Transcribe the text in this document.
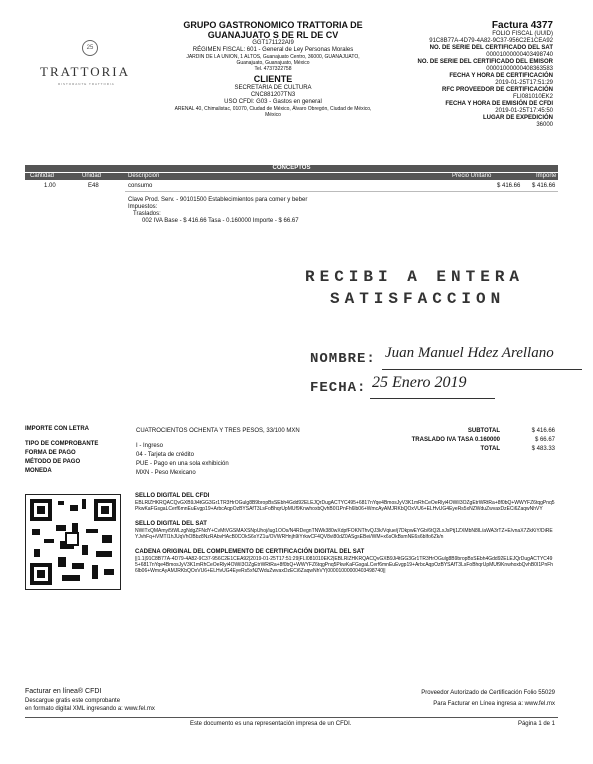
25
TRATTORIA
RISTORANTE TRATTORIA
GRUPO GASTRONOMICO TRATTORIA DE
GUANAJUATO S DE RL DE CV
GGT171122AI9
RÉGIMEN FISCAL: 601 - General de Ley Personas Morales
JARDIN DE LA UNION, 1 ALTOS, Guanajuato Centro, 36000, GUANAJUATO,
Guanajuato, Guanajuato, México
Tel. 4737322758
CLIENTE
SECRETARIA DE CULTURA
CNC881207TN3
USO CFDI: G03 - Gastos en general
ARENAL 40, Chimalistac, 01070, Ciudad de México, Álvaro Obregón, Ciudad de México,
México
Factura 4377
FOLIO FISCAL (UUID)
91C8B77A-4D79-4A82-9C37-956C2E1CEA92
NO. DE SERIE DEL CERTIFICADO DEL SAT
00001000000403498740
NO. DE SERIE DEL CERTIFICADO DEL EMISOR
00001000000408363583
FECHA Y HORA DE CERTIFICACIÓN
2019-01-25T17:51:29
RFC PROVEEDOR DE CERTIFICACIÓN
FLI081010EK2
FECHA Y HORA DE EMISIÓN DE CFDI
2019-01-25T17:45:50
LUGAR DE EXPEDICIÓN
36000
CONCEPTOS
Cantidad	Unidad	Descripción	Precio Unitario	Importe
1.00	E48	consumo	$ 416.66 $ 416.66
Clave Prod. Serv. - 90101500 Establecimientos para comer y beber
Impuestos:
Traslados:
002 IVA Base - $ 416.66 Tasa - 0.160000 Importe - $ 66.67
RECIBI A ENTERA
SATISFACCION
NOMBRE: Juan Manuel Hdez Arellano
FECHA: 25 Enero 2019
IMPORTE CON LETRA	CUATROCIENTOS OCHENTA Y TRES PESOS, 33/100 MXN	SUBTOTAL	$ 416.66
TRASLADO IVA TASA 0.160000	$ 66.67
TOTAL	$ 483.33
TIPO DE COMPROBANTE	I - Ingreso
FORMA DE PAGO	04 - Tarjeta de crédito
MÉTODO DE PAGO	PUE - Pago en una sola exhibición
MONEDA	MXN - Peso Mexicano
SELLO DIGITAL DEL CFDI
EBLRlZHKRQACQvGXB9Ji4tGG3Gr1TR3HrOGulg8B9bropBsSEbh4Gdd92ELEJQrDugACTYC495+6817nYqe4BmosJyV3K1mRhCeOeRlyi4OWiI3OZgEtrWRtRa+8f0bQ+WWYFZ6tqgPnq5PkwKaFGsgaLCerf6mnEuEvgp19+ArbcAqpOzBYSAfT3LsFoBhqrUpMUf9KnwhoxbQvhB0I1PnFh6lb06+WmcAyAMJRKbQOxVU6+ELHvUG4EyeRs5xNZWduZwvaxDzECi6ZaqwNhVY
SELLO DIGITAL DEL SAT
NWiTxQMAmyi5tWLzgNdgZFNdY+CvMtVGSMAXSNpUhoj/iug1OOs/N4RDegnTNWk380wXdpfFOKNThvQJ3k/Vqiue/j7DkpwEYGb/6tQ2LxJsPtj1ZXMbN8IL/aWA3rTZ+E/vnaX7ZkKiY/DiREYJvhFq+iVMTI1hJUqVhOBbz8NzRAbvHAcB0COkS6xYZ1u/OVWRHnjh9iYrkwCF4QV8vi80dZ0ASgsEBei/WM+x6sOkBsmNE6s6bIfo6Zk/n
CADENA ORIGINAL DEL COMPLEMENTO DE CERTIFICACIÓN DIGITAL DEL SAT
||1.1|91C8B77A-4D79-4A82-9C37-956C2E1CEA92|2019-01-25T17:51:29|FLI081010EK2|EBLRlZHKRQACQvGXB9Ji4tGG3Gr1TR3HrOGulg8B9bropBsSEbh4Gdd92ELEJQrDugACTYC495+6817nYqe4BmosJyV3K1mRhCeOeRlyi4OWiI3OZgEtrWRtRa+8f0bQ+WWYFZ6tqgPnq5PkwKaFGsgaLCerf6mnEuEvgp19+ArbcAqpOzBYSAfT3LsFoBhqrUpMUf9KnwhoxbQvhB0I1PnFh6lb06+WmcAyAMJRKbQOxVU6+ELHvUG4EyeRs5xNZWduZwvaxDzECi6ZaqwNhVY|00001000000403498740||
Facturar en línea® CFDI
Descargue gratis este comprobante
en formato digital XML ingresando a: www.fel.mx
Proveedor Autorizado de Certificación Folio 55029
Para Facturar en Línea ingresa a: www.fel.mx
Este documento es una representación impresa de un CFDI.	Página 1 de 1
